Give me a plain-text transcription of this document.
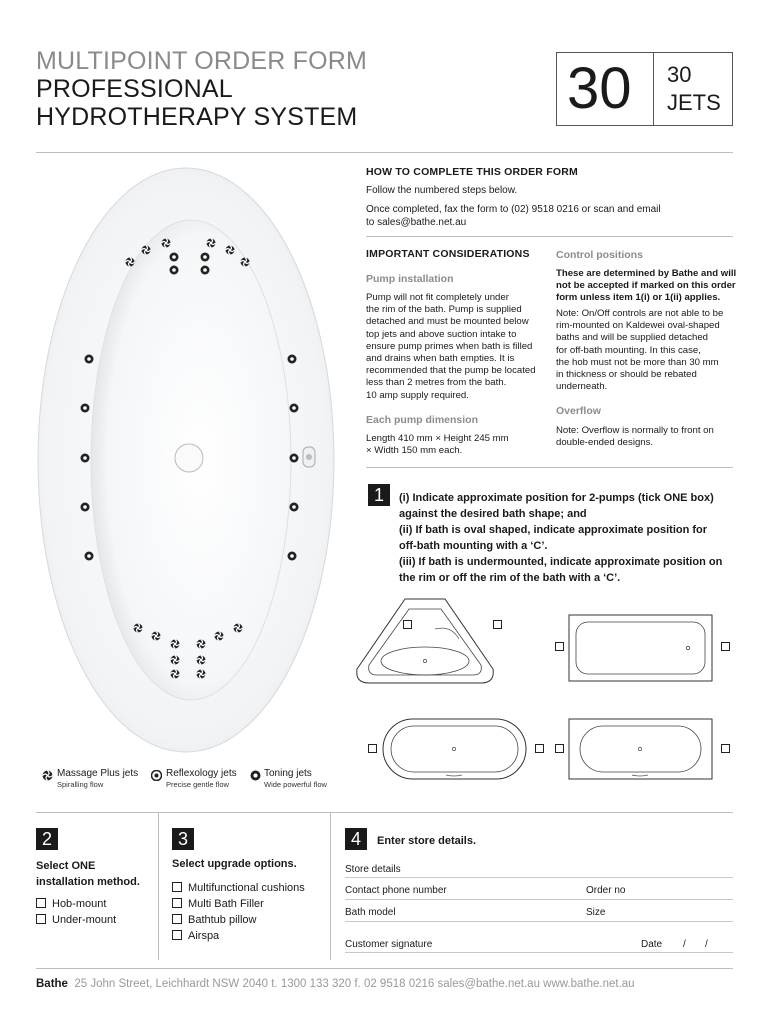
MULTIPOINT ORDER FORM
PROFESSIONAL
HYDROTHERAPY SYSTEM	30 30
JETS
Massage Plus jets
Spiralling flow
Reflexology jets
Precise gentle flow
Toning jets
Wide powerful flow
HOW TO COMPLETE THIS ORDER FORM
Follow the numbered steps below.
Once completed, fax the form to (02) 9518 0216 or scan and email
to sales@bathe.net.au
IMPORTANT CONSIDERATIONS
Pump installation
Pump will not fit completely under
the rim of the bath. Pump is supplied
detached and must be mounted below
top jets and above suction intake to
ensure pump primes when bath is filled
and drains when bath empties. It is
recommended that the pump be located
less than 2 metres from the bath.
10 amp supply required.
Each pump dimension
Length 410 mm × Height 245 mm
× Width 150 mm each.
Control positions
These are determined by Bathe and will
not be accepted if marked on this order
form unless item 1(i) or 1(ii) applies.
Note: On/Off controls are not able to be
rim-mounted on Kaldewei oval-shaped
baths and will be supplied detached
for off-bath mounting. In this case,
the hob must not be more than 30 mm
in thickness or should be rebated
underneath.
Overflow
Note: Overflow is normally to front on
double-ended designs.
1	(i) Indicate approximate position for 2-pumps (tick ONE box)
against the desired bath shape; and
(ii) If bath is oval shaped, indicate approximate position for
off-bath mounting with a ‘C’.
(iii) If bath is undermounted, indicate approximate position on
the rim or off the rim of the bath with a ‘C’.
2
Select ONE
installation method.
Hob-mount
Under-mount
3
Select upgrade options.
Multifunctional cushions
Multi Bath Filler
Bathtub pillow
Airspa
4	Enter store details.
Store details
Contact phone number	Order no
Bath model	Size
Customer signature	Date / /
Bathe 25 John Street, Leichhardt NSW 2040 t. 1300 133 320 f. 02 9518 0216 sales@bathe.net.au www.bathe.net.au
